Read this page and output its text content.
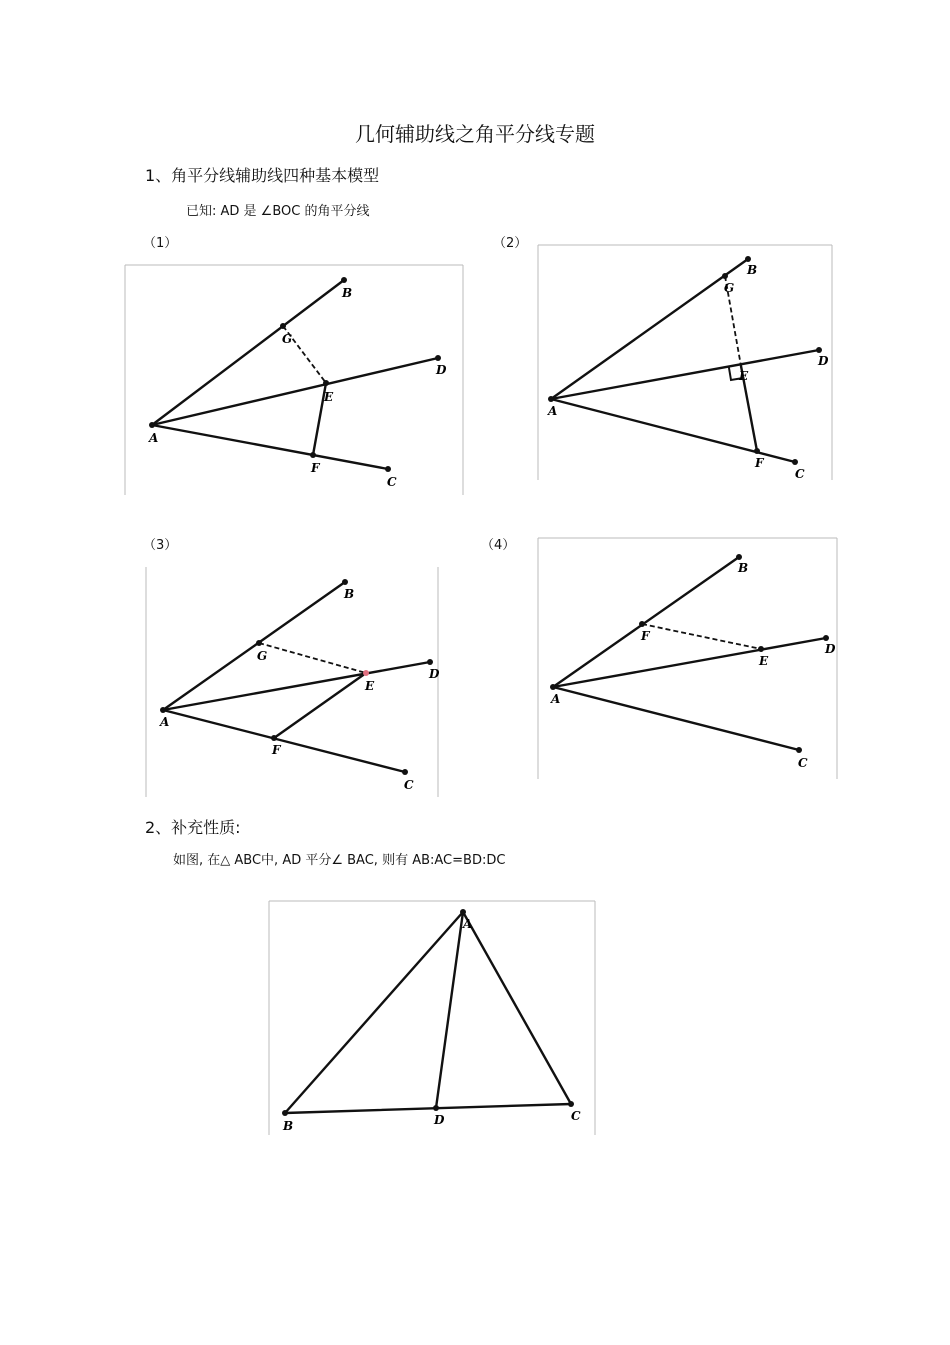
几何辅助线之角平分线专题
1、角平分线辅助线四种基本模型
已知: AD 是 ∠BOC 的角平分线
（1）	（2）
（3）	（4）
A
B
D
C
G
E
F
A
B
D
C
G
E
F
A
B
D
C
G
E
F
A
B
D
C
F
E
A
B
C
D
2、补充性质:
如图, 在△ ABC中, AD 平分∠ BAC, 则有 AB:AC=BD:DC
